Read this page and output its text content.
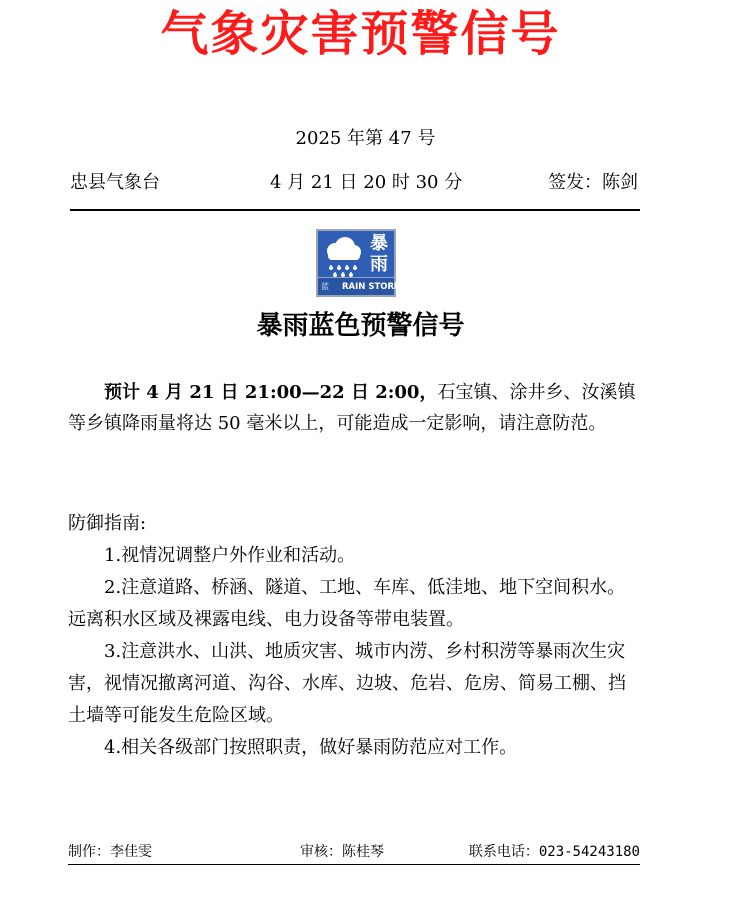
气象灾害预警信号
2025 年第 47 号
忠县气象台	4 月 21 日 20 时 30 分	签发：陈剑
暴
雨
蓝 RAIN STORM
暴雨蓝色预警信号

预计 4 月 21 日 21:00—22 日 2:00，石宝镇、涂井乡、汝溪镇等乡镇降雨量将达 50 毫米以上，可能造成一定影响，请注意防范。

防御指南:

1.视情况调整户外作业和活动。

2.注意道路、桥涵、隧道、工地、车库、低洼地、地下空间积水。远离积水区域及裸露电线、电力设备等带电装置。

3.注意洪水、山洪、地质灾害、城市内涝、乡村积涝等暴雨次生灾害，视情况撤离河道、沟谷、水库、边坡、危岩、危房、简易工棚、挡土墙等可能发生危险区域。

4.相关各级部门按照职责，做好暴雨防范应对工作。

制作：李佳雯	审核：陈桂琴	联系电话：023-54243180
